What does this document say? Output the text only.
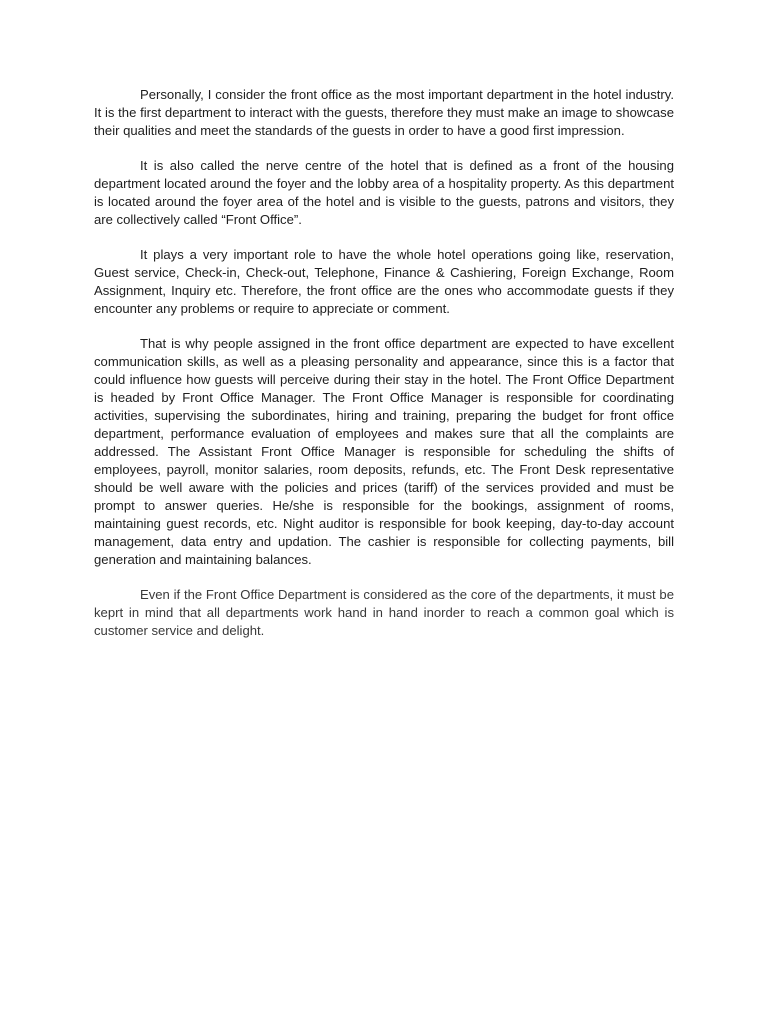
Personally, I consider the front office as the most important department in the hotel industry. It is the first department to interact with the guests, therefore they must make an image to showcase their qualities and meet the standards of the guests in order to have a good first impression.

It is also called the nerve centre of the hotel that is defined as a front of the housing department located around the foyer and the lobby area of a hospitality property. As this department is located around the foyer area of the hotel and is visible to the guests, patrons and visitors, they are collectively called “Front Office”.

It plays a very important role to have the whole hotel operations going like, reservation, Guest service, Check-in, Check-out, Telephone, Finance & Cashiering, Foreign Exchange, Room Assignment, Inquiry etc. Therefore, the front office are the ones who accommodate guests if they encounter any problems or require to appreciate or comment.

That is why people assigned in the front office department are expected to have excellent communication skills, as well as a pleasing personality and appearance, since this is a factor that could influence how guests will perceive during their stay in the hotel. The Front Office Department is headed by Front Office Manager. The Front Office Manager is responsible for coordinating activities, supervising the subordinates, hiring and training, preparing the budget for front office department, performance evaluation of employees and makes sure that all the complaints are addressed. The Assistant Front Office Manager is responsible for scheduling the shifts of employees, payroll, monitor salaries, room deposits, refunds, etc. The Front Desk representative should be well aware with the policies and prices (tariff) of the services provided and must be prompt to answer queries. He/she is responsible for the bookings, assignment of rooms, maintaining guest records, etc. Night auditor is responsible for book keeping, day-to-day account management, data entry and updation. The cashier is responsible for collecting payments, bill generation and maintaining balances.

Even if the Front Office Department is considered as the core of the departments, it must be keprt in mind that all departments work hand in hand inorder to reach a common goal which is customer service and delight.
